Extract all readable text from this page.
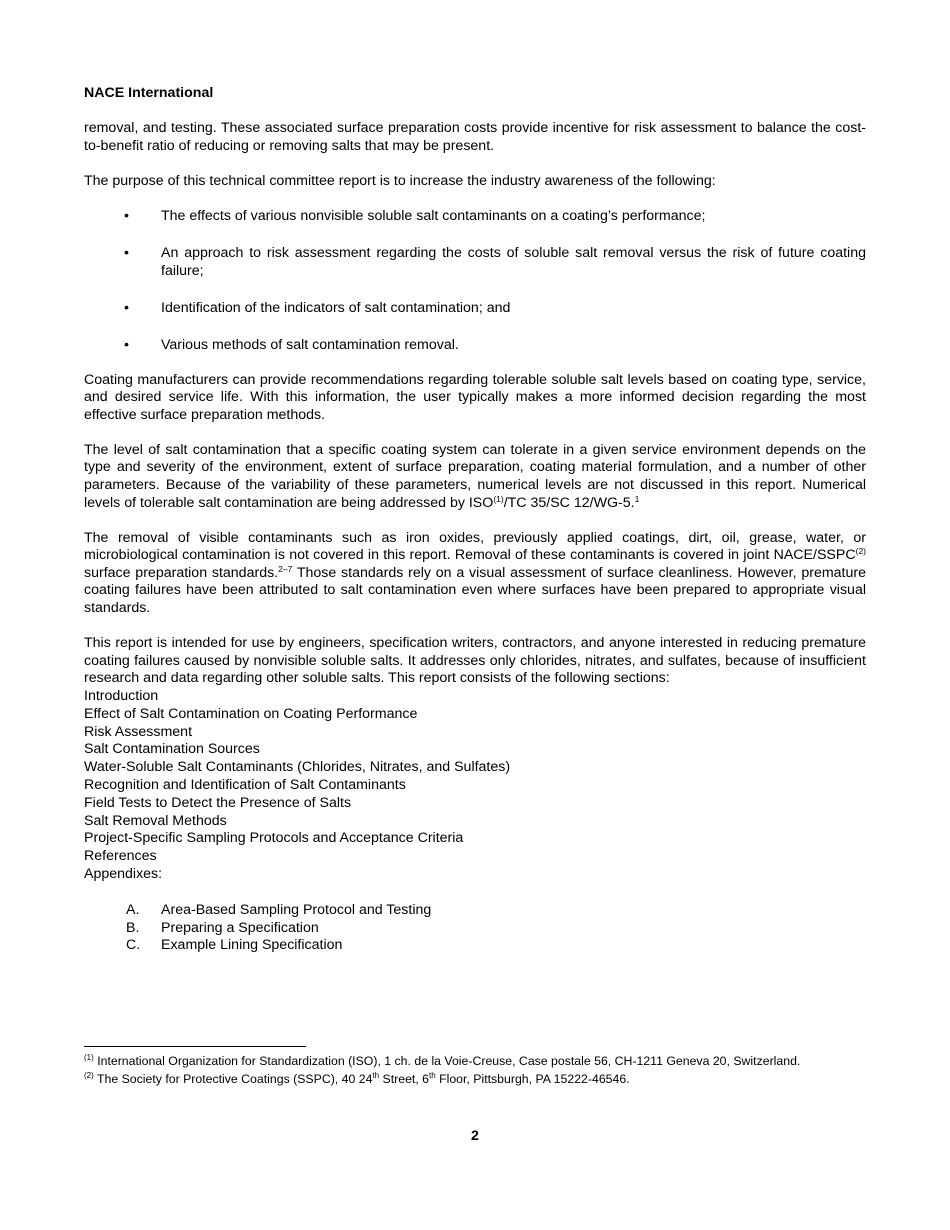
NACE International

removal, and testing. These associated surface preparation costs provide incentive for risk assessment to balance the cost-to-benefit ratio of reducing or removing salts that may be present.

The purpose of this technical committee report is to increase the industry awareness of the following:

• The effects of various nonvisible soluble salt contaminants on a coating’s performance;
• An approach to risk assessment regarding the costs of soluble salt removal versus the risk of future coating failure;
• Identification of the indicators of salt contamination; and
• Various methods of salt contamination removal.

Coating manufacturers can provide recommendations regarding tolerable soluble salt levels based on coating type, service, and desired service life. With this information, the user typically makes a more informed decision regarding the most effective surface preparation methods.

The level of salt contamination that a specific coating system can tolerate in a given service environment depends on the type and severity of the environment, extent of surface preparation, coating material formulation, and a number of other parameters. Because of the variability of these parameters, numerical levels are not discussed in this report. Numerical levels of tolerable salt contamination are being addressed by ISO$^{(1)}$/TC 35/SC 12/WG-5.$^1$

The removal of visible contaminants such as iron oxides, previously applied coatings, dirt, oil, grease, water, or microbiological contamination is not covered in this report. Removal of these contaminants is covered in joint NACE/SSPC$^{(2)}$ surface preparation standards.$^{2-7}$ Those standards rely on a visual assessment of surface cleanliness. However, premature coating failures have been attributed to salt contamination even where surfaces have been prepared to appropriate visual standards.

This report is intended for use by engineers, specification writers, contractors, and anyone interested in reducing premature coating failures caused by nonvisible soluble salts. It addresses only chlorides, nitrates, and sulfates, because of insufficient research and data regarding other soluble salts. This report consists of the following sections:

Introduction
Effect of Salt Contamination on Coating Performance
Risk Assessment
Salt Contamination Sources
Water-Soluble Salt Contaminants (Chlorides, Nitrates, and Sulfates)
Recognition and Identification of Salt Contaminants
Field Tests to Detect the Presence of Salts
Salt Removal Methods
Project-Specific Sampling Protocols and Acceptance Criteria
References
Appendixes:
A. Area-Based Sampling Protocol and Testing
B. Preparing a Specification
C. Example Lining Specification
$^{(1)}$ International Organization for Standardization (ISO), 1 ch. de la Voie-Creuse, Case postale 56, CH-1211 Geneva 20, Switzerland.
$^{(2)}$ The Society for Protective Coatings (SSPC), 40 24th Street, 6th Floor, Pittsburgh, PA 15222-46546.
2
